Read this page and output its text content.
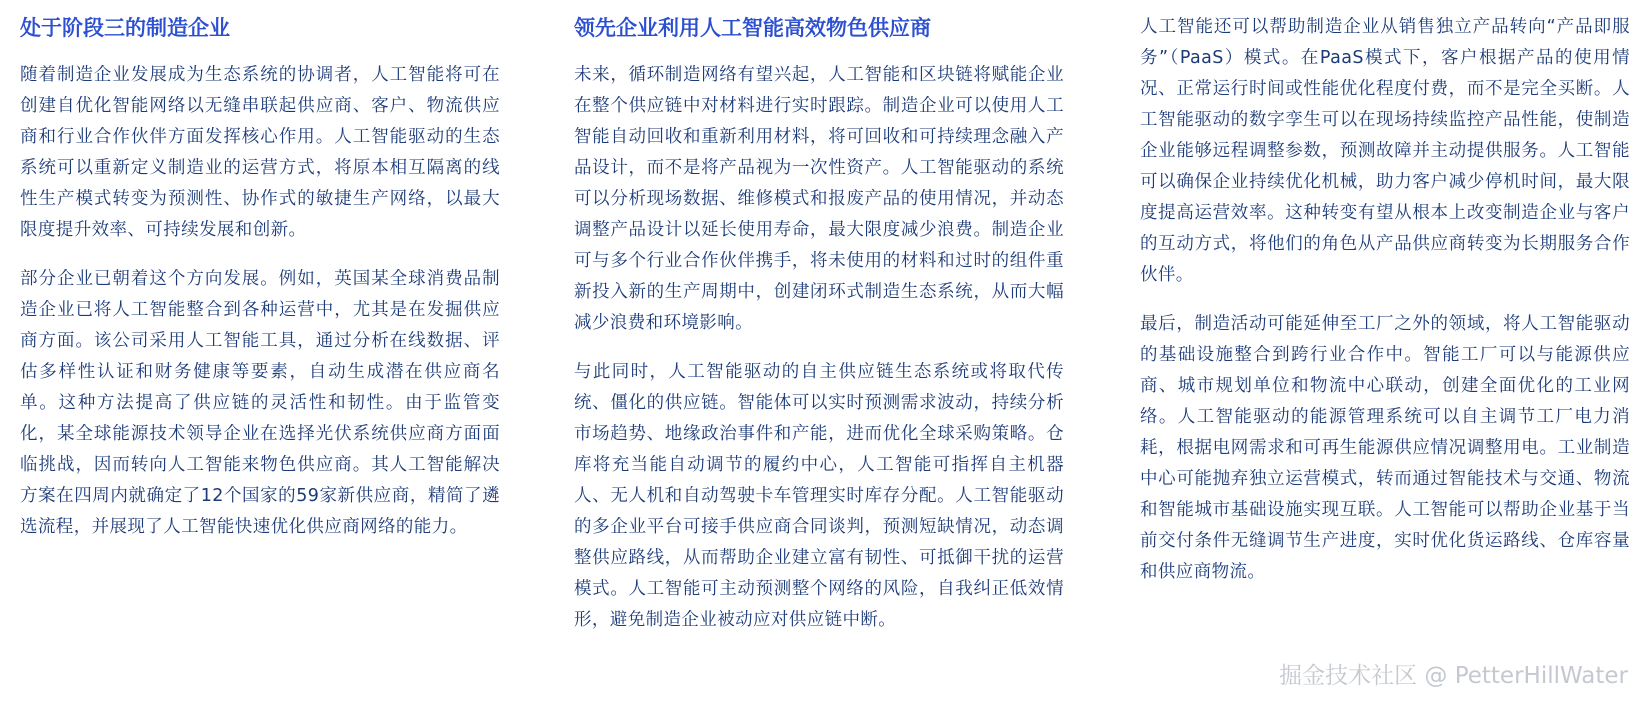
处于阶段三的制造企业

随着制造企业发展成为生态系统的协调者，人工智能将可在创建自优化智能网络以无缝串联起供应商、客户、物流供应商和行业合作伙伴方面发挥核心作用。人工智能驱动的生态系统可以重新定义制造业的运营方式，将原本相互隔离的线性生产模式转变为预测性、协作式的敏捷生产网络，以最大限度提升效率、可持续发展和创新。

部分企业已朝着这个方向发展。例如，英国某全球消费品制造企业已将人工智能整合到各种运营中，尤其是在发掘供应商方面。该公司采用人工智能工具，通过分析在线数据、评估多样性认证和财务健康等要素，自动生成潜在供应商名单。这种方法提高了供应链的灵活性和韧性。由于监管变化，某全球能源技术领导企业在选择光伏系统供应商方面面临挑战，因而转向人工智能来物色供应商。其人工智能解决方案在四周内就确定了12个国家的59家新供应商，精简了遴选流程，并展现了人工智能快速优化供应商网络的能力。

领先企业利用人工智能高效物色供应商

未来，循环制造网络有望兴起，人工智能和区块链将赋能企业在整个供应链中对材料进行实时跟踪。制造企业可以使用人工智能自动回收和重新利用材料，将可回收和可持续理念融入产品设计，而不是将产品视为一次性资产。人工智能驱动的系统可以分析现场数据、维修模式和报废产品的使用情况，并动态调整产品设计以延长使用寿命，最大限度减少浪费。制造企业可与多个行业合作伙伴携手，将未使用的材料和过时的组件重新投入新的生产周期中，创建闭环式制造生态系统，从而大幅减少浪费和环境影响。

与此同时，人工智能驱动的自主供应链生态系统或将取代传统、僵化的供应链。智能体可以实时预测需求波动，持续分析市场趋势、地缘政治事件和产能，进而优化全球采购策略。仓库将充当能自动调节的履约中心，人工智能可指挥自主机器人、无人机和自动驾驶卡车管理实时库存分配。人工智能驱动的多企业平台可接手供应商合同谈判，预测短缺情况，动态调整供应路线，从而帮助企业建立富有韧性、可抵御干扰的运营模式。人工智能可主动预测整个网络的风险，自我纠正低效情形，避免制造企业被动应对供应链中断。

人工智能还可以帮助制造企业从销售独立产品转向“产品即服务”（PaaS）模式。在PaaS模式下，客户根据产品的使用情况、正常运行时间或性能优化程度付费，而不是完全买断。人工智能驱动的数字孪生可以在现场持续监控产品性能，使制造企业能够远程调整参数，预测故障并主动提供服务。人工智能可以确保企业持续优化机械，助力客户减少停机时间，最大限度提高运营效率。这种转变有望从根本上改变制造企业与客户的互动方式，将他们的角色从产品供应商转变为长期服务合作伙伴。

最后，制造活动可能延伸至工厂之外的领域，将人工智能驱动的基础设施整合到跨行业合作中。智能工厂可以与能源供应商、城市规划单位和物流中心联动，创建全面优化的工业网络。人工智能驱动的能源管理系统可以自主调节工厂电力消耗，根据电网需求和可再生能源供应情况调整用电。工业制造中心可能抛弃独立运营模式，转而通过智能技术与交通、物流和智能城市基础设施实现互联。人工智能可以帮助企业基于当前交付条件无缝调节生产进度，实时优化货运路线、仓库容量和供应商物流。

掘金技术社区 @ PetterHillWater
